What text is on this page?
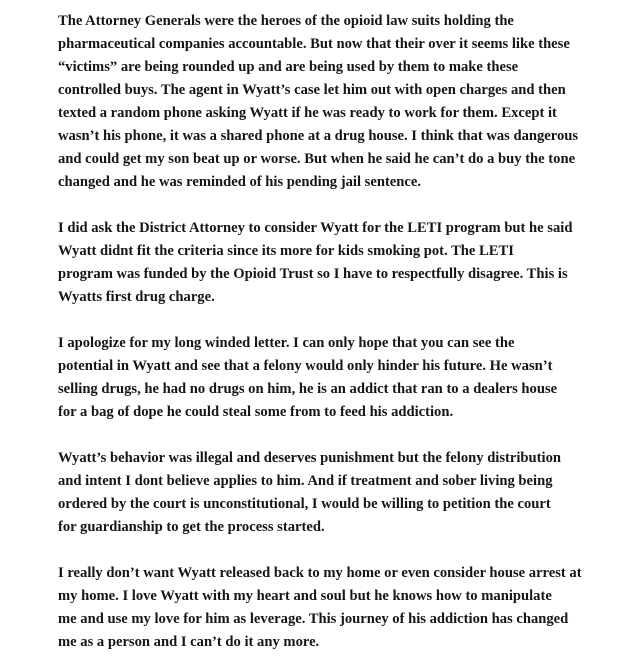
The Attorney Generals were the heroes of the opioid law suits holding the
pharmaceutical companies accountable. But now that their over it seems like these
“victims” are being rounded up and are being used by them to make these
controlled buys. The agent in Wyatt’s case let him out with open charges and then
texted a random phone asking Wyatt if he was ready to work for them. Except it
wasn’t his phone, it was a shared phone at a drug house. I think that was dangerous
and could get my son beat up or worse. But when he said he can’t do a buy the tone
changed and he was reminded of his pending jail sentence.
I did ask the District Attorney to consider Wyatt for the LETI program but he said
Wyatt didnt fit the criteria since its more for kids smoking pot. The LETI
program was funded by the Opioid Trust so I have to respectfully disagree. This is
Wyatts first drug charge.
I apologize for my long winded letter. I can only hope that you can see the
potential in Wyatt and see that a felony would only hinder his future. He wasn’t
selling drugs, he had no drugs on him, he is an addict that ran to a dealers house
for a bag of dope he could steal some from to feed his addiction.
Wyatt’s behavior was illegal and deserves punishment but the felony distribution
and intent I dont believe applies to him. And if treatment and sober living being
ordered by the court is unconstitutional, I would be willing to petition the court
for guardianship to get the process started.
I really don’t want Wyatt released back to my home or even consider house arrest at
my home. I love Wyatt with my heart and soul but he knows how to manipulate
me and use my love for him as leverage. This journey of his addiction has changed
me as a person and I can’t do it any more.
